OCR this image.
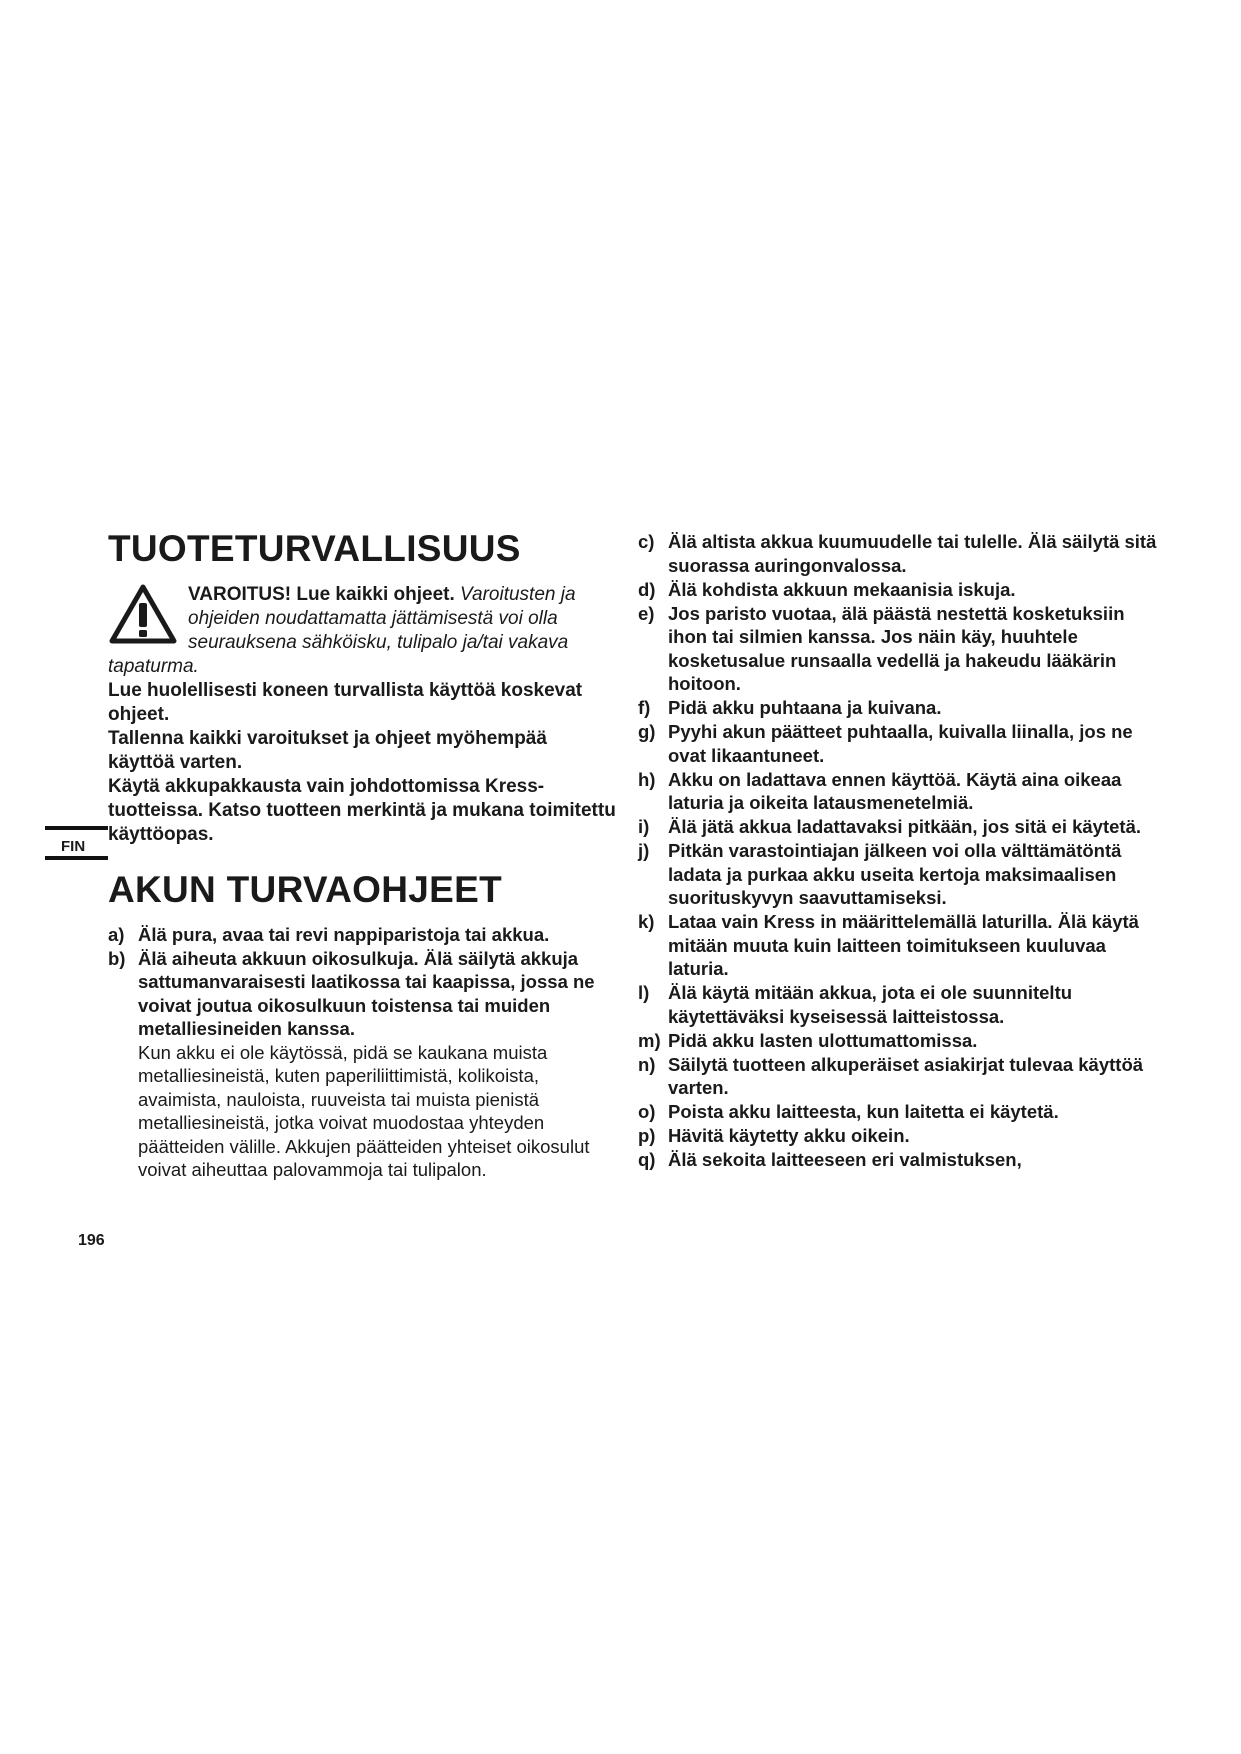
FIN
TUOTETURVALLISUUS
VAROITUS! Lue kaikki ohjeet. Varoitusten ja ohjeiden noudattamatta jättämisestä voi olla seurauksena sähköisku, tulipalo ja/tai vakava tapaturma.

Lue huolellisesti koneen turvallista käyttöä koskevat ohjeet.

Tallenna kaikki varoitukset ja ohjeet myöhempää käyttöä varten.

Käytä akkupakkausta vain johdottomissa Kress-tuotteissa. Katso tuotteen merkintä ja mukana toimitettu käyttöopas.

AKUN TURVAOHJEET
a) Älä pura, avaa tai revi nappiparistoja tai akkua.
b) Älä aiheuta akkuun oikosulkuja. Älä säilytä akkuja sattumanvaraisesti laatikossa tai kaapissa, jossa ne voivat joutua oikosulkuun toistensa tai muiden metalliesineiden kanssa.
Kun akku ei ole käytössä, pidä se kaukana muista metalliesineistä, kuten paperiliittimistä, kolikoista, avaimista, nauloista, ruuveista tai muista pienistä metalliesineistä, jotka voivat muodostaa yhteyden päätteiden välille. Akkujen päätteiden yhteiset oikosulut voivat aiheuttaa palovammoja tai tulipalon.
c) Älä altista akkua kuumuudelle tai tulelle. Älä säilytä sitä suorassa auringonvalossa.
d) Älä kohdista akkuun mekaanisia iskuja.
e) Jos paristo vuotaa, älä päästä nestettä kosketuksiin ihon tai silmien kanssa. Jos näin käy, huuhtele kosketusalue runsaalla vedellä ja hakeudu lääkärin hoitoon.
f) Pidä akku puhtaana ja kuivana.
g) Pyyhi akun päätteet puhtaalla, kuivalla liinalla, jos ne ovat likaantuneet.
h) Akku on ladattava ennen käyttöä. Käytä aina oikeaa laturia ja oikeita latausmenetelmiä.
i) Älä jätä akkua ladattavaksi pitkään, jos sitä ei käytetä.
j) Pitkän varastointiajan jälkeen voi olla välttämätöntä ladata ja purkaa akku useita kertoja maksimaalisen suorituskyvyn saavuttamiseksi.
k) Lataa vain Kress in määrittelemällä laturilla. Älä käytä mitään muuta kuin laitteen toimitukseen kuuluvaa laturia.
l) Älä käytä mitään akkua, jota ei ole suunniteltu käytettäväksi kyseisessä laitteistossa.
m) Pidä akku lasten ulottumattomissa.
n) Säilytä tuotteen alkuperäiset asiakirjat tulevaa käyttöä varten.
o) Poista akku laitteesta, kun laitetta ei käytetä.
p) Hävitä käytetty akku oikein.
q) Älä sekoita laitteeseen eri valmistuksen,
196
